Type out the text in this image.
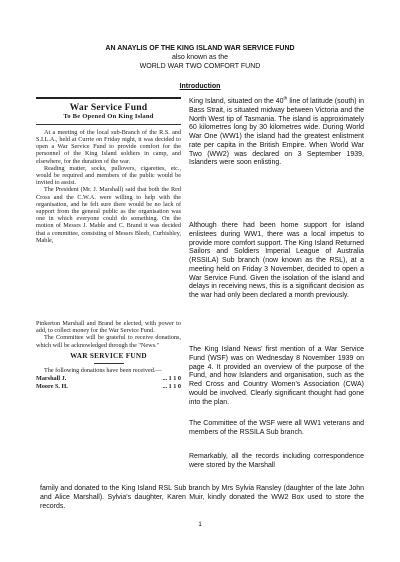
AN ANAYLIS OF THE KING ISLAND WAR SERVICE FUND
also known as the
WORLD WAR TWO COMFORT FUND
Introduction
War Service Fund
To Be Opened On King Island

At a meeting of the local sub-Branch of the R.S. and S.I.L.A., held at Currie on Friday night, it was decided to open a War Service Fund to provide comfort for the personnel of the King Island soldiers in camp, and elsewhere, for the duration of the war.

Reading matter, socks, pullovers, cigarettes, etc., would be required and members of the public would be invited to assist.

The President (Mr. J. Marshall) said that both the Red Cross and the C.W.A. were willing to help with the organisation, and he felt sure there would be no lack of support from the general public as the organisation was one in which everyone could do something. On the motion of Messrs J. Mable and C. Brand it was decided that a committee, consisting of Messrs Bleeb, Curbishley, Mable,

Pinkerton Marshall and Brand be elected, with power to add, to collect money for the War Service Fund.

The Committee will be grateful to receive donations, which will be acknowledged through the "News."

WAR SERVICE FUND

The following donations have been received.—

Marshall J.	... 1 1 0
Moore S. H.	... 1 1 0

King Island, situated on the 40th line of latitude (south) in Bass Strait, is situated midway between Victoria and the North West tip of Tasmania. The island is approximately 60 kilometres long by 30 kilometres wide. During World War One (WW1) the island had the greatest enlistment rate per capita in the British Empire. When World War Two (WW2) was declared on 3 September 1939, Islanders were soon enlisting.

Although there had been home support for island enlistees during WW1, there was a local impetus to provide more comfort support. The King Island Returned Sailors and Soldiers Imperial League of Australia (RSSILA) Sub branch (now known as the RSL), at a meeting held on Friday 3 November, decided to open a War Service Fund. Given the isolation of the island and delays in receiving news, this is a significant decision as the war had only been declared a month previously.

The King Island News' first mention of a War Service Fund (WSF) was on Wednesday 8 November 1939 on page 4. It provided an overview of the purpose of the Fund, and how Islanders and organisation, such as the Red Cross and Country Women's Association (CWA) would be involved. Clearly significant thought had gone into the plan.

The Committee of the WSF were all WW1 veterans and members of the RSSILA Sub branch.

Remarkably, all the records including correspondence were stored by the Marshall

family and donated to the King Island RSL Sub branch by Mrs Sylvia Ransley (daughter of the late John and Alice Marshall). Sylvia's daughter, Karen Muir, kindly donated the WW2 Box used to store the records.
1
